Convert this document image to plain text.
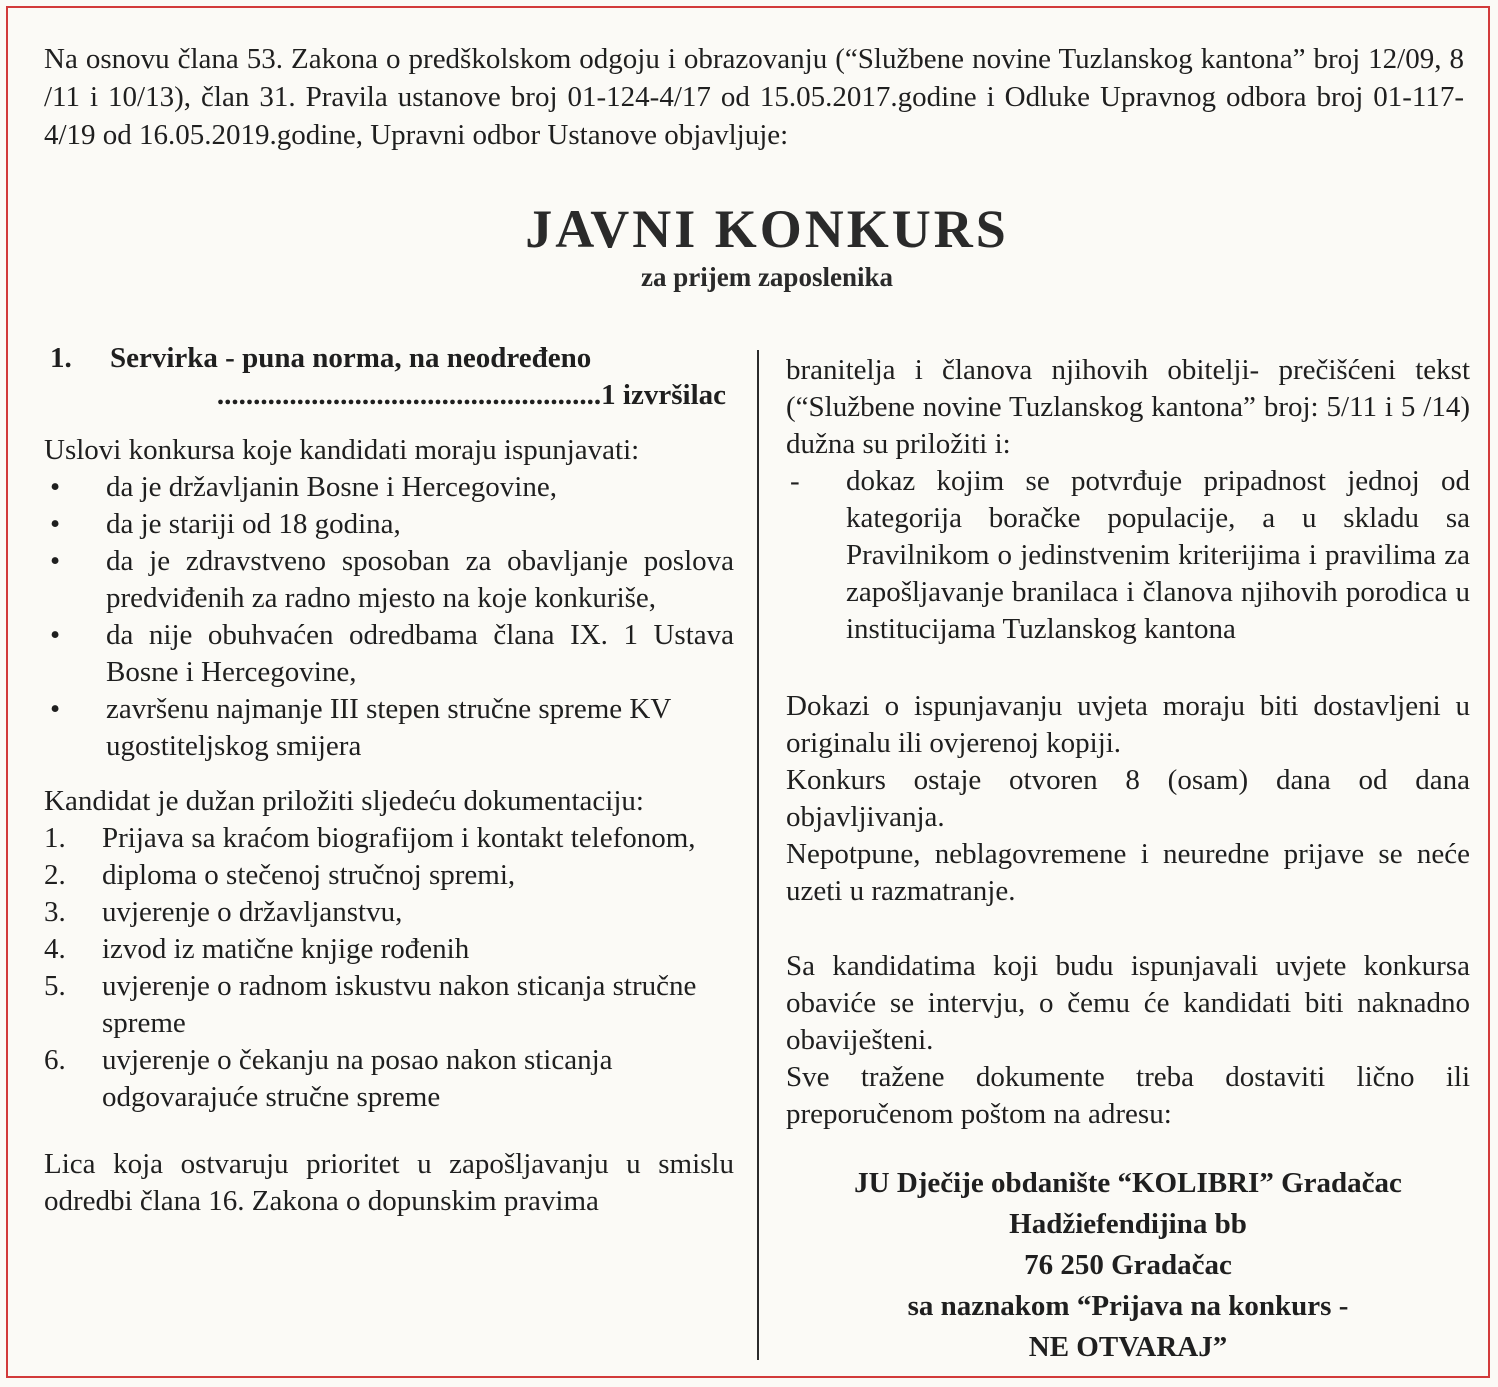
Na osnovu člana 53. Zakona o predškolskom odgoju i obrazovanju (“Službene novine Tuzlanskog kantona” broj 12/09, 8 /11 i 10/13), član 31. Pravila ustanove broj 01-124-4/17 od 15.05.2017.godine i Odluke Upravnog odbora broj 01-117-4/19 od 16.05.2019.godine, Upravni odbor Ustanove objavljuje:
JAVNI KONKURS
za prijem zaposlenika
1.	Servirka - puna norma, na neodređeno
.....................................................1 izvršilac
Uslovi konkursa koje kandidati moraju ispunjavati:
• da je državljanin Bosne i Hercegovine,
• da je stariji od 18 godina,
• da je zdravstveno sposoban za obavljanje poslova predviđenih za radno mjesto na koje konkuriše,
• da nije obuhvaćen odredbama člana IX. 1 Ustava Bosne i Hercegovine,
• završenu najmanje III stepen stručne spreme KV ugostiteljskog smijera
Kandidat je dužan priložiti sljedeću dokumentaciju:
1. Prijava sa kraćom biografijom i kontakt telefonom,
2. diploma o stečenoj stručnoj spremi,
3. uvjerenje o državljanstvu,
4. izvod iz matične knjige rođenih
5. uvjerenje o radnom iskustvu nakon sticanja stručne spreme
6. uvjerenje o čekanju na posao nakon sticanja odgovarajuće stručne spreme
Lica koja ostvaruju prioritet u zapošljavanju u smislu odredbi člana 16. Zakona o dopunskim pravima
branitelja i članova njihovih obitelji- prečišćeni tekst (“Službene novine Tuzlanskog kantona” broj: 5/11 i 5 /14) dužna su priložiti i:
- dokaz kojim se potvrđuje pripadnost jednoj od kategorija boračke populacije, a u skladu sa Pravilnikom o jedinstvenim kriterijima i pravilima za zapošljavanje branilaca i članova njihovih porodica u institucijama Tuzlanskog kantona
Dokazi o ispunjavanju uvjeta moraju biti dostavljeni u originalu ili ovjerenoj kopiji.
Konkurs ostaje otvoren 8 (osam) dana od dana objavljivanja.
Nepotpune, neblagovremene i neuredne prijave se neće uzeti u razmatranje.
Sa kandidatima koji budu ispunjavali uvjete konkursa obaviće se intervju, o čemu će kandidati biti naknadno obaviješteni.
Sve tražene dokumente treba dostaviti lično ili preporučenom poštom na adresu:
JU Dječije obdanište “KOLIBRI” Gradačac
Hadžiefendijina bb
76 250 Gradačac
sa naznakom “Prijava na konkurs -
NE OTVARAJ”
